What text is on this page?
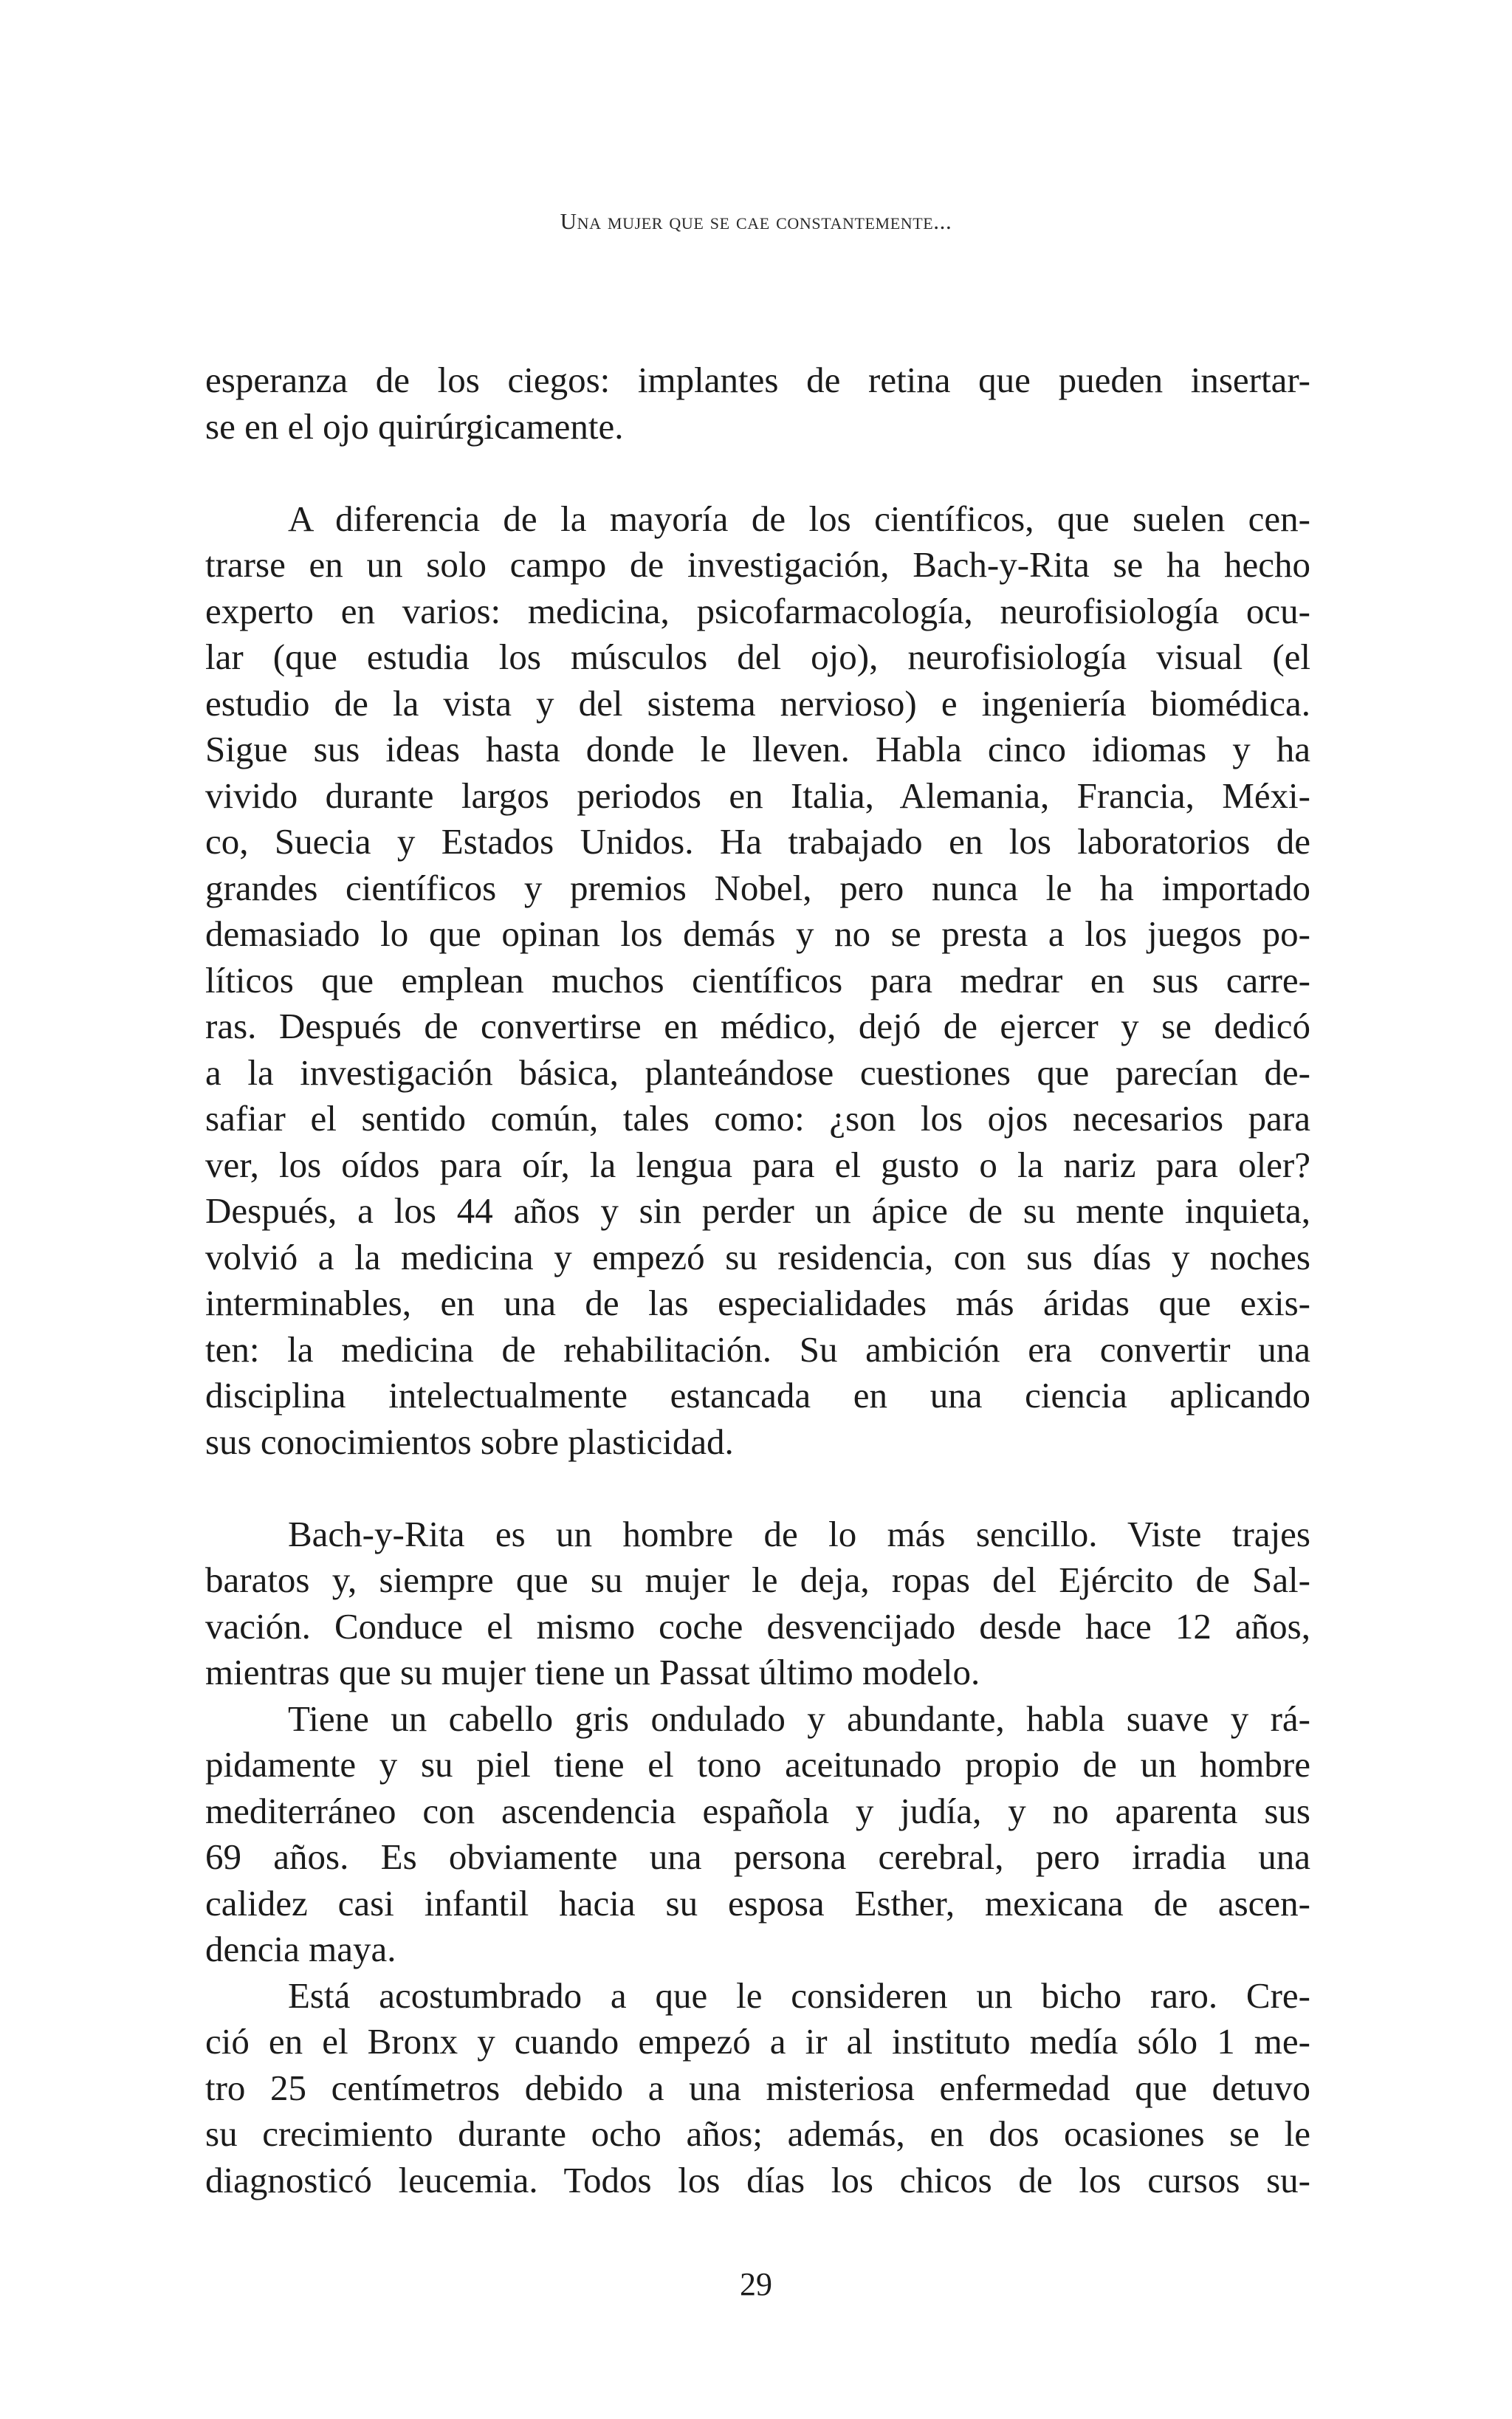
Una mujer que se cae constantemente...
esperanza de los ciegos: implantes de retina que pueden insertar-
se en el ojo quirúrgicamente.
A diferencia de la mayoría de los científicos, que suelen cen-
trarse en un solo campo de investigación, Bach-y-Rita se ha hecho
experto en varios: medicina, psicofarmacología, neurofisiología ocu-
lar (que estudia los músculos del ojo), neurofisiología visual (el
estudio de la vista y del sistema nervioso) e ingeniería biomédica.
Sigue sus ideas hasta donde le lleven. Habla cinco idiomas y ha
vivido durante largos periodos en Italia, Alemania, Francia, Méxi-
co, Suecia y Estados Unidos. Ha trabajado en los laboratorios de
grandes científicos y premios Nobel, pero nunca le ha importado
demasiado lo que opinan los demás y no se presta a los juegos po-
líticos que emplean muchos científicos para medrar en sus carre-
ras. Después de convertirse en médico, dejó de ejercer y se dedicó
a la investigación básica, planteándose cuestiones que parecían de-
safiar el sentido común, tales como: ¿son los ojos necesarios para
ver, los oídos para oír, la lengua para el gusto o la nariz para oler?
Después, a los 44 años y sin perder un ápice de su mente inquieta,
volvió a la medicina y empezó su residencia, con sus días y noches
interminables, en una de las especialidades más áridas que exis-
ten: la medicina de rehabilitación. Su ambición era convertir una
disciplina intelectualmente estancada en una ciencia aplicando
sus conocimientos sobre plasticidad.
Bach-y-Rita es un hombre de lo más sencillo. Viste trajes
baratos y, siempre que su mujer le deja, ropas del Ejército de Sal-
vación. Conduce el mismo coche desvencijado desde hace 12 años,
mientras que su mujer tiene un Passat último modelo.
Tiene un cabello gris ondulado y abundante, habla suave y rá-
pidamente y su piel tiene el tono aceitunado propio de un hombre
mediterráneo con ascendencia española y judía, y no aparenta sus
69 años. Es obviamente una persona cerebral, pero irradia una
calidez casi infantil hacia su esposa Esther, mexicana de ascen-
dencia maya.
Está acostumbrado a que le consideren un bicho raro. Cre-
ció en el Bronx y cuando empezó a ir al instituto medía sólo 1 me-
tro 25 centímetros debido a una misteriosa enfermedad que detuvo
su crecimiento durante ocho años; además, en dos ocasiones se le
diagnosticó leucemia. Todos los días los chicos de los cursos su-
29
